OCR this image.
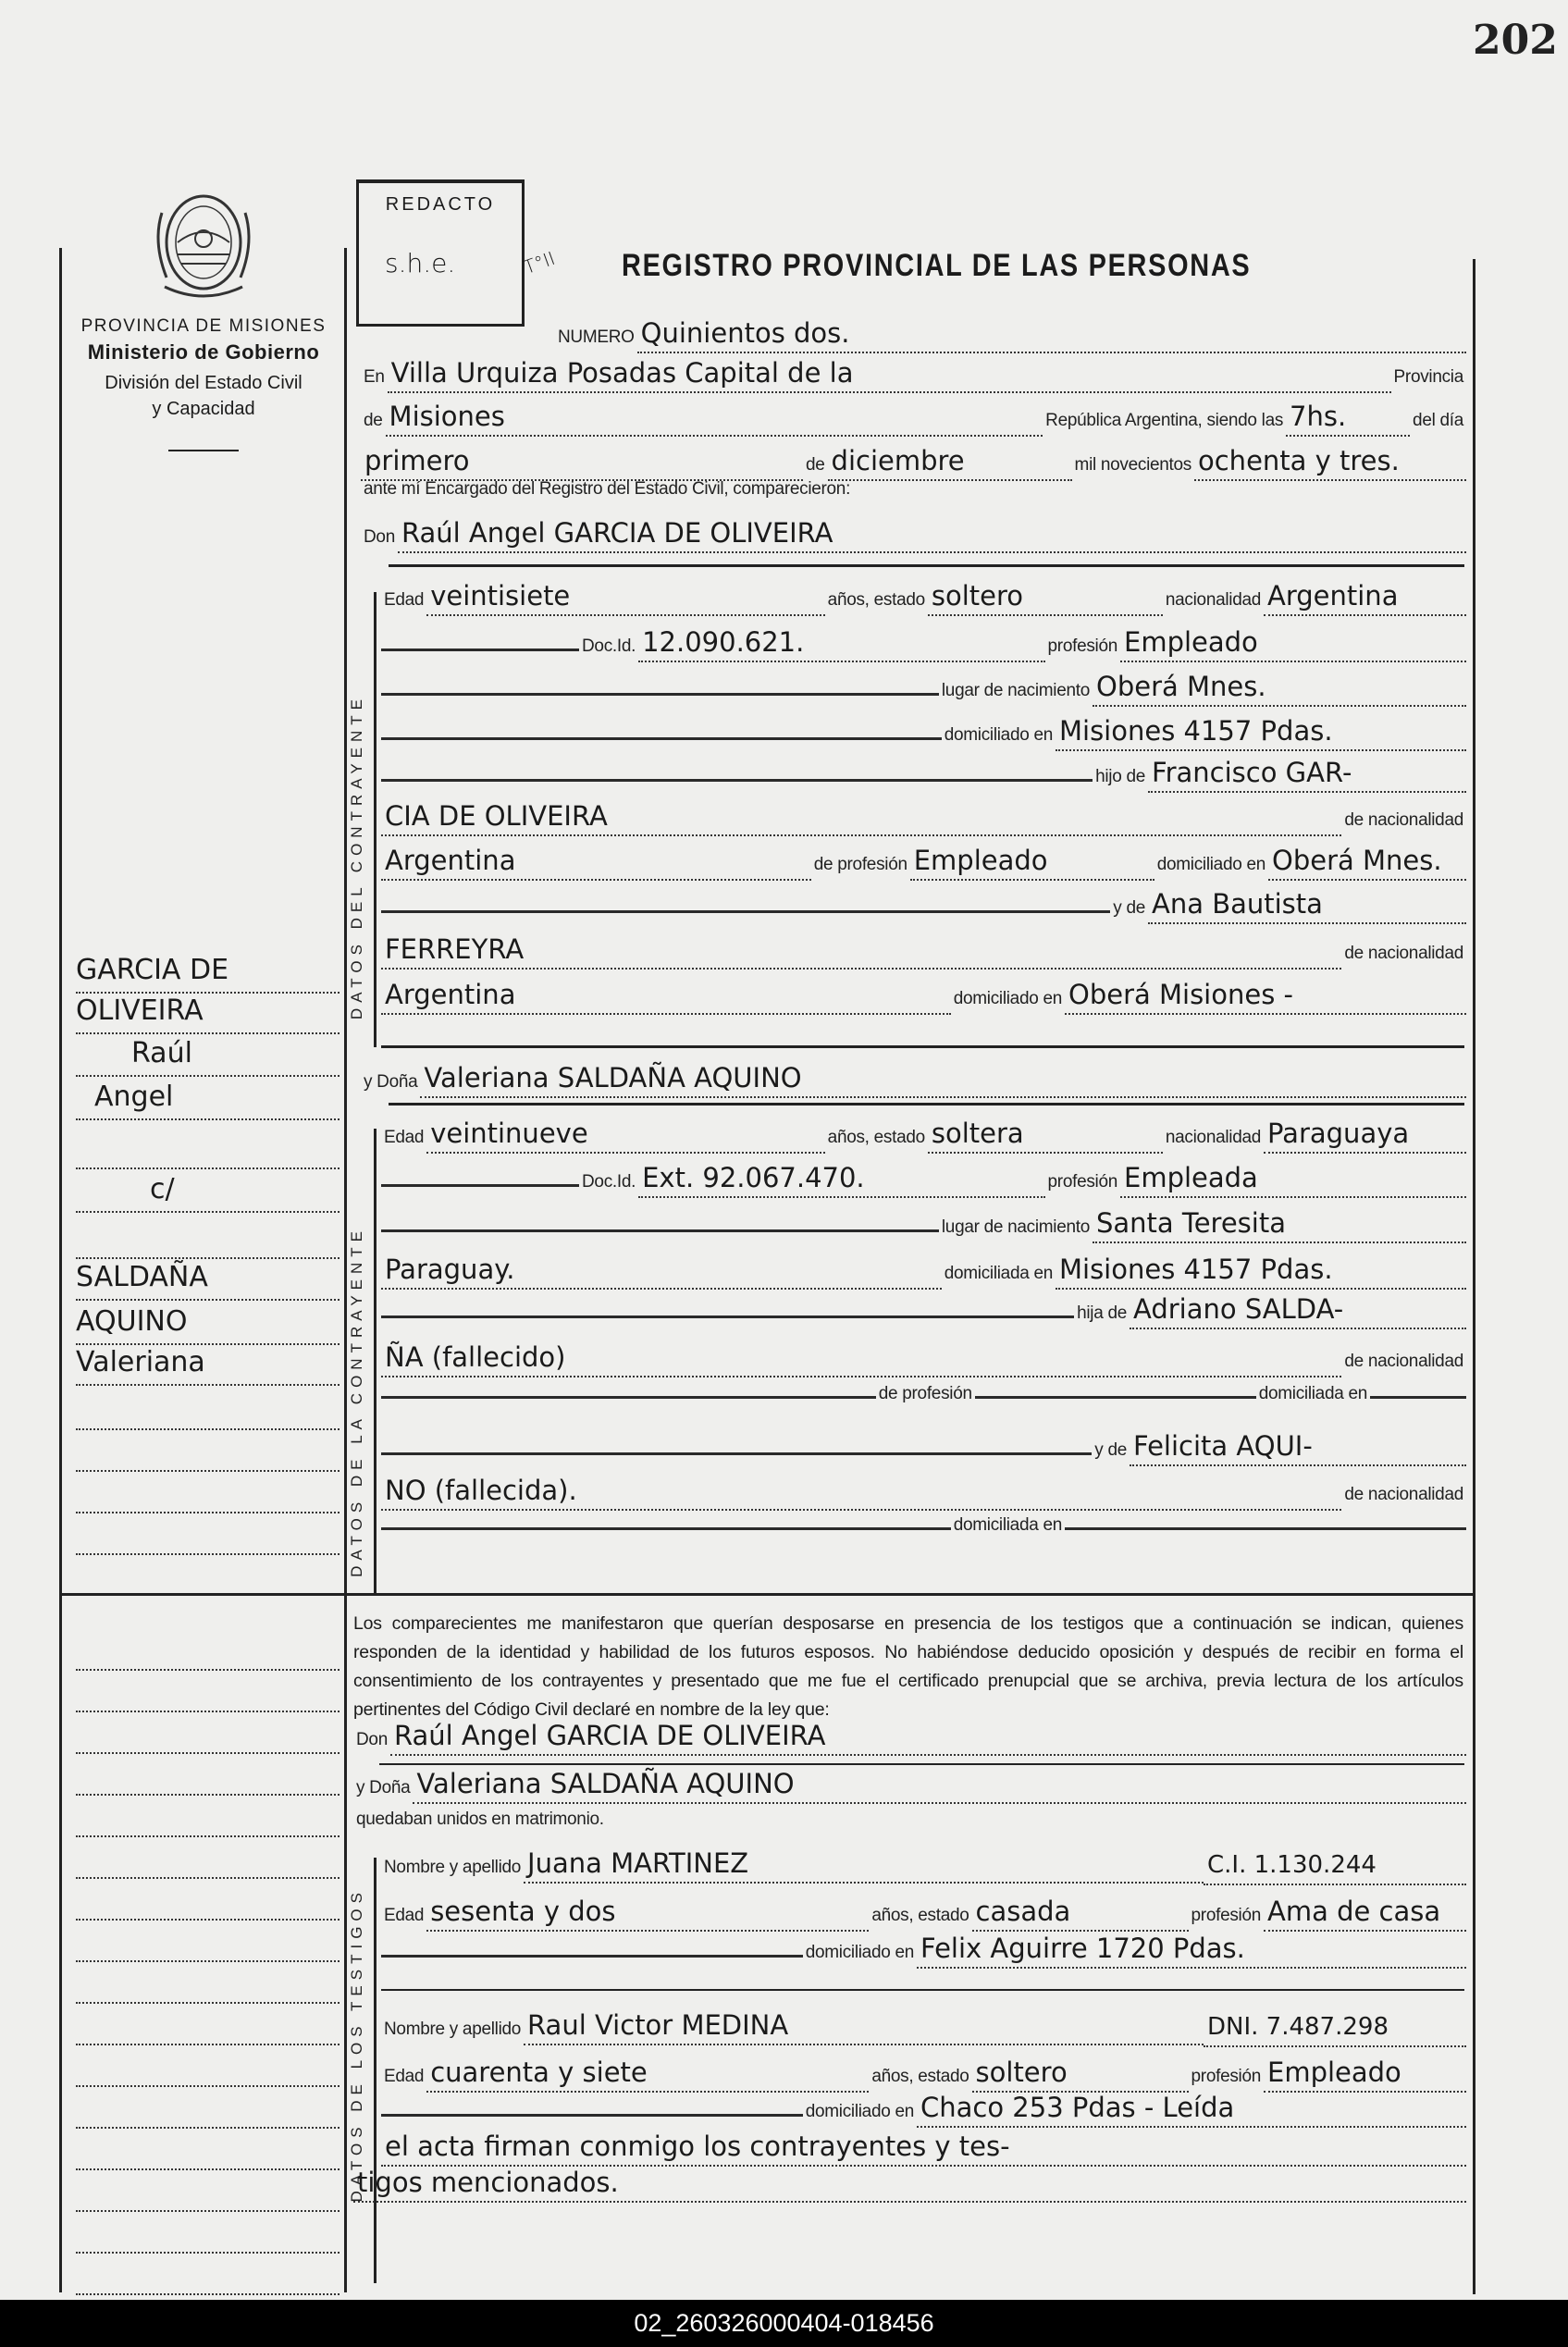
202
PROVINCIA DE MISIONES
Ministerio de Gobierno
División del Estado Civil
y Capacidad
REDACTO
s.h.e.	T°II REGISTRO PROVINCIAL DE LAS PERSONAS
GARCIA DE
OLIVEIRA
Raúl
Angel
c/
SALDAÑA
AQUINO
Valeriana
NUMERO Quinientos dos.
En Villa Urquiza Posadas Capital de la	Provincia
de Misiones	República Argentina, siendo las 7hs.	del día
primero	de diciembre	mil novecientos ochenta y tres.
ante mí Encargado del Registro del Estado Civil, comparecieron:
Don Raúl Angel GARCIA DE OLIVEIRA
DATOS DEL CONTRAYENTE
Edad veintisiete	años, estado soltero	nacionalidad Argentina
Doc.Id. 12.090.621.	profesión Empleado
lugar de nacimiento Oberá Mnes.
domiciliado en Misiones 4157 Pdas.
hijo de Francisco GAR-
CIA DE OLIVEIRA	de nacionalidad
Argentina	de profesión Empleado	domiciliado en Oberá Mnes.
y de Ana Bautista
FERREYRA	de nacionalidad
Argentina	domiciliado en Oberá Misiones -
y Doña Valeriana SALDAÑA AQUINO
DATOS DE LA CONTRAYENTE
Edad veintinueve	años, estado soltera	nacionalidad Paraguaya
Doc.Id. Ext. 92.067.470.	profesión Empleada
lugar de nacimiento Santa Teresita
Paraguay.	domiciliada en Misiones 4157 Pdas.
hija de Adriano SALDA-
ÑA (fallecido)	de nacionalidad
de profesión	domiciliada en
y de Felicita AQUI-
NO (fallecida).	de nacionalidad
domiciliada en
Los comparecientes me manifestaron que querían desposarse en presencia de los testigos que a continuación se indican, quienes responden de la identidad y habilidad de los futuros esposos. No habiéndose deducido oposición y después de recibir en forma el consentimiento de los contrayentes y presentado que me fue el certificado prenupcial que se archiva, previa lectura de los artículos pertinentes del Código Civil declaré en nombre de la ley que:
Don Raúl Angel GARCIA DE OLIVEIRA
y Doña Valeriana SALDAÑA AQUINO
quedaban unidos en matrimonio.
DATOS DE LOS TESTIGOS
Nombre y apellido Juana MARTINEZ	C.I. 1.130.244
Edad sesenta y dos	años, estado casada	profesión Ama de casa
domiciliado en Felix Aguirre 1720 Pdas.
Nombre y apellido Raul Victor MEDINA	DNI. 7.487.298
Edad cuarenta y siete	años, estado soltero	profesión Empleado
domiciliado en Chaco 253 Pdas - Leída
el acta firman conmigo los contrayentes y tes-
tigos mencionados.
02_260326000404-018456
